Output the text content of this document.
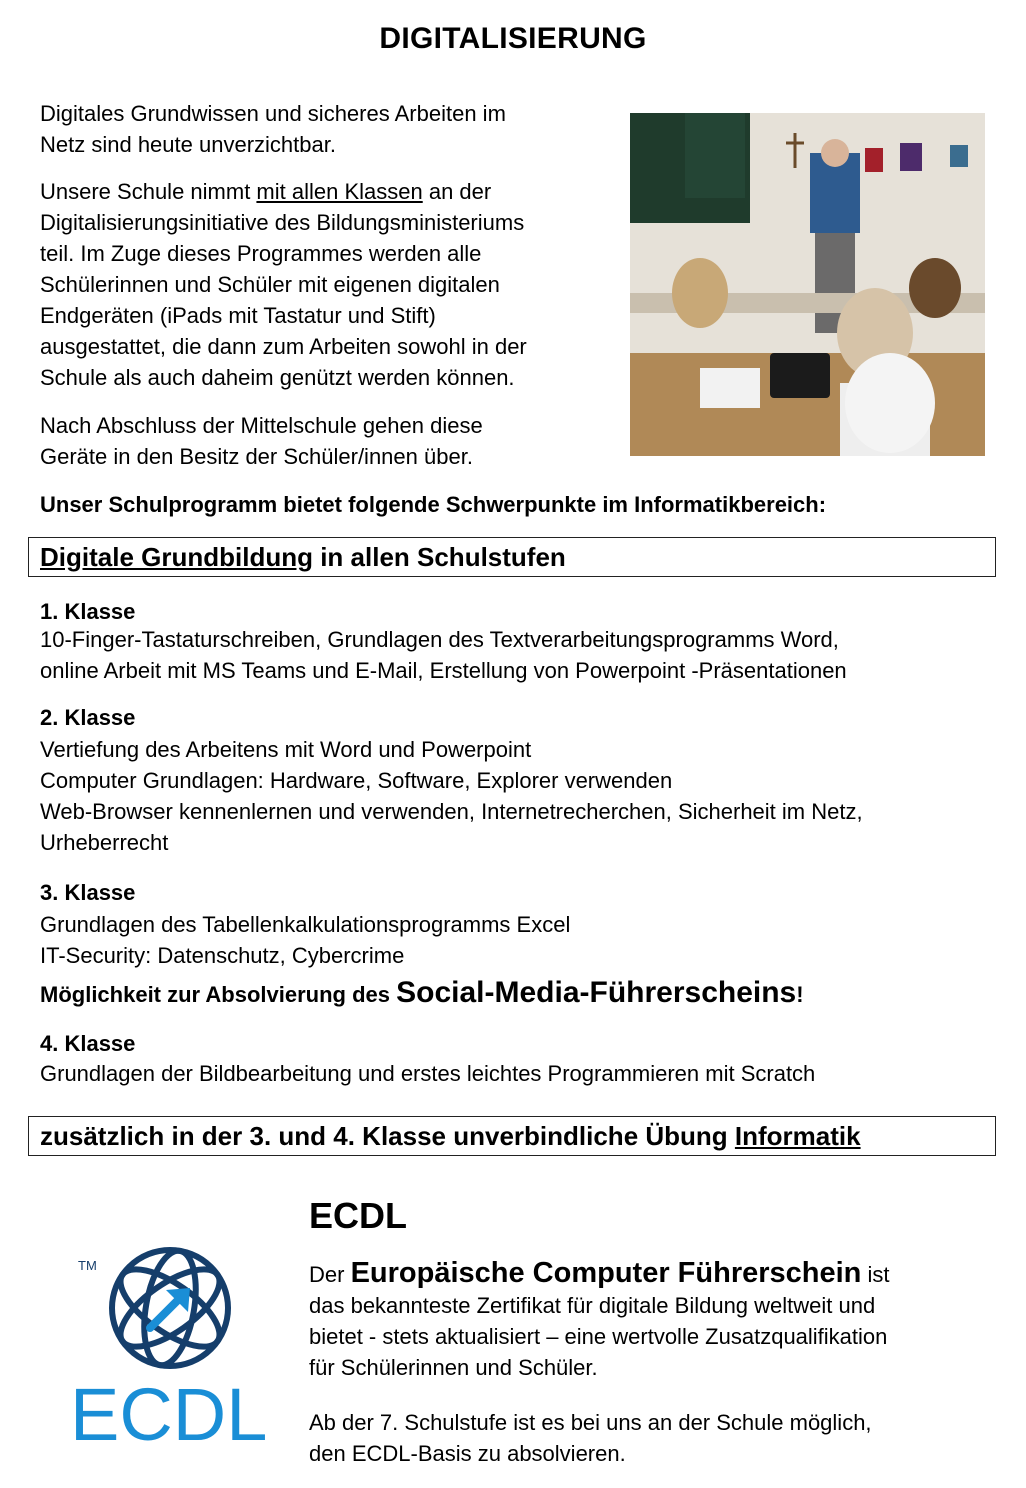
DIGITALISIERUNG
Digitales Grundwissen und sicheres Arbeiten im
Netz sind heute unverzichtbar.
Unsere Schule nimmt mit allen Klassen an der
Digitalisierungsinitiative des Bildungsministeriums
teil. Im Zuge dieses Programmes werden alle
Schülerinnen und Schüler mit eigenen digitalen
Endgeräten (iPads mit Tastatur und Stift)
ausgestattet, die dann zum Arbeiten sowohl in der
Schule als auch daheim genützt werden können.
Nach Abschluss der Mittelschule gehen diese
Geräte in den Besitz der Schüler/innen über.
Unser Schulprogramm bietet folgende Schwerpunkte im Informatikbereich:
Digitale Grundbildung in allen Schulstufen
1. Klasse
10-Finger-Tastaturschreiben, Grundlagen des Textverarbeitungsprogramms Word,
online Arbeit mit MS Teams und E-Mail, Erstellung von Powerpoint -Präsentationen
2. Klasse
Vertiefung des Arbeitens mit Word und Powerpoint
Computer Grundlagen: Hardware, Software, Explorer verwenden
Web-Browser kennenlernen und verwenden, Internetrecherchen, Sicherheit im Netz,
Urheberrecht
3. Klasse
Grundlagen des Tabellenkalkulationsprogramms Excel
IT-Security: Datenschutz, Cybercrime
Möglichkeit zur Absolvierung des Social-Media-Führerscheins!
4. Klasse
Grundlagen der Bildbearbeitung und erstes leichtes Programmieren mit Scratch
zusätzlich in der 3. und 4. Klasse unverbindliche Übung Informatik
TM
ECDL
ECDL
Der Europäische Computer Führerschein ist
das bekannteste Zertifikat für digitale Bildung weltweit und
bietet - stets aktualisiert – eine wertvolle Zusatzqualifikation
für Schülerinnen und Schüler.
Ab der 7. Schulstufe ist es bei uns an der Schule möglich,
den ECDL-Basis zu absolvieren.
